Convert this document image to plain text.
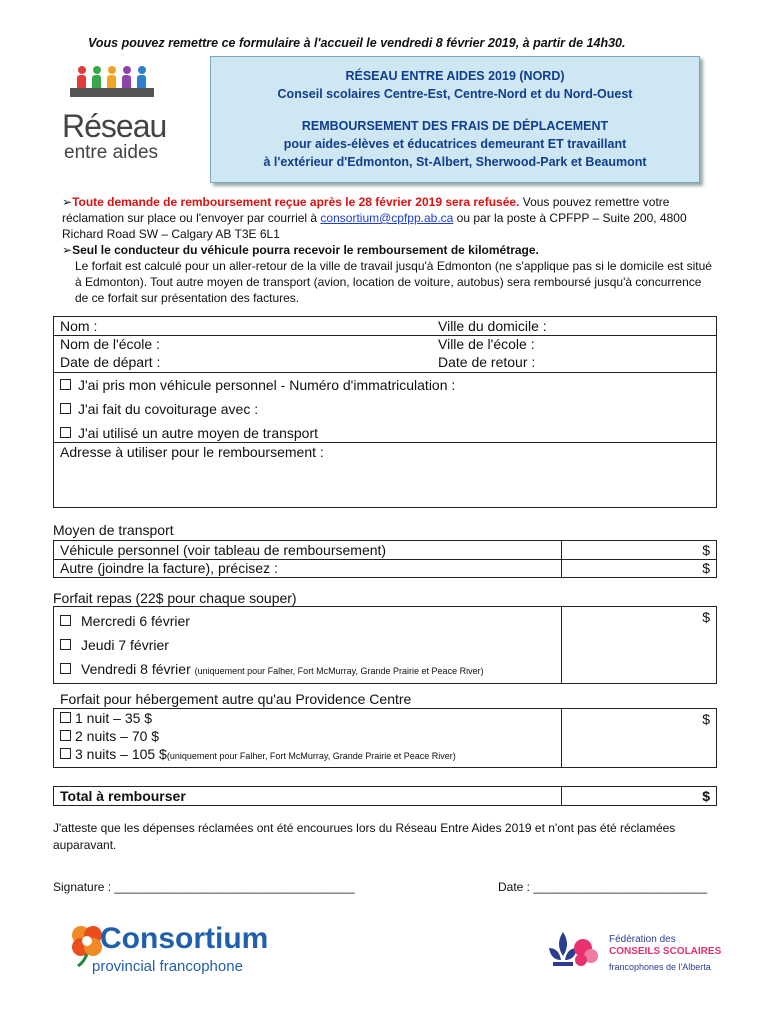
Vous pouvez remettre ce formulaire à l'accueil le vendredi 8 février 2019, à partir de 14h30.
Réseau
entre aides
RÉSEAU ENTRE AIDES 2019 (NORD)
Conseil scolaires Centre-Est, Centre-Nord et du Nord-Ouest
REMBOURSEMENT DES FRAIS DE DÉPLACEMENT
pour aides-élèves et éducatrices demeurant ET travaillant
à l'extérieur d'Edmonton, St-Albert, Sherwood-Park et Beaumont

➢Toute demande de remboursement reçue après le 28 février 2019 sera refusée. Vous pouvez remettre votre réclamation sur place ou l'envoyer par courriel à consortium@cpfpp.ab.ca ou par la poste à CPFPP – Suite 200, 4800 Richard Road SW – Calgary AB T3E 6L1

➢Seul le conducteur du véhicule pourra recevoir le remboursement de kilométrage.

Le forfait est calculé pour un aller-retour de la ville de travail jusqu'à Edmonton (ne s'applique pas si le domicile est situé à Edmonton). Tout autre moyen de transport (avion, location de voiture, autobus) sera remboursé jusqu'à concurrence de ce forfait sur présentation des factures.

Nom :	Ville du domicile :
Nom de l'école :	Ville de l'école :
Date de départ :	Date de retour :
J'ai pris mon véhicule personnel - Numéro d'immatriculation :
J'ai fait du covoiturage avec :
J'ai utilisé un autre moyen de transport
Adresse à utiliser pour le remboursement :
Moyen de transport
Véhicule personnel (voir tableau de remboursement)	$
Autre (joindre la facture), précisez :	$
Forfait repas (22$ pour chaque souper)
Mercredi 6 février
Jeudi 7 février
Vendredi 8 février (uniquement pour Falher, Fort McMurray, Grande Prairie et Peace River)
$
Forfait pour hébergement autre qu'au Providence Centre
1 nuit – 35 $
2 nuits – 70 $
3 nuits – 105 $(uniquement pour Falher, Fort McMurray, Grande Prairie et Peace River)
$
Total à rembourser	$
J'atteste que les dépenses réclamées ont été encourues lors du Réseau Entre Aides 2019 et n'ont pas été réclamées auparavant.
Signature : ____________________________________	Date : __________________________
Consortium
provincial francophone
Fédération des
CONSEILS SCOLAIRES
francophones de l'Alberta
